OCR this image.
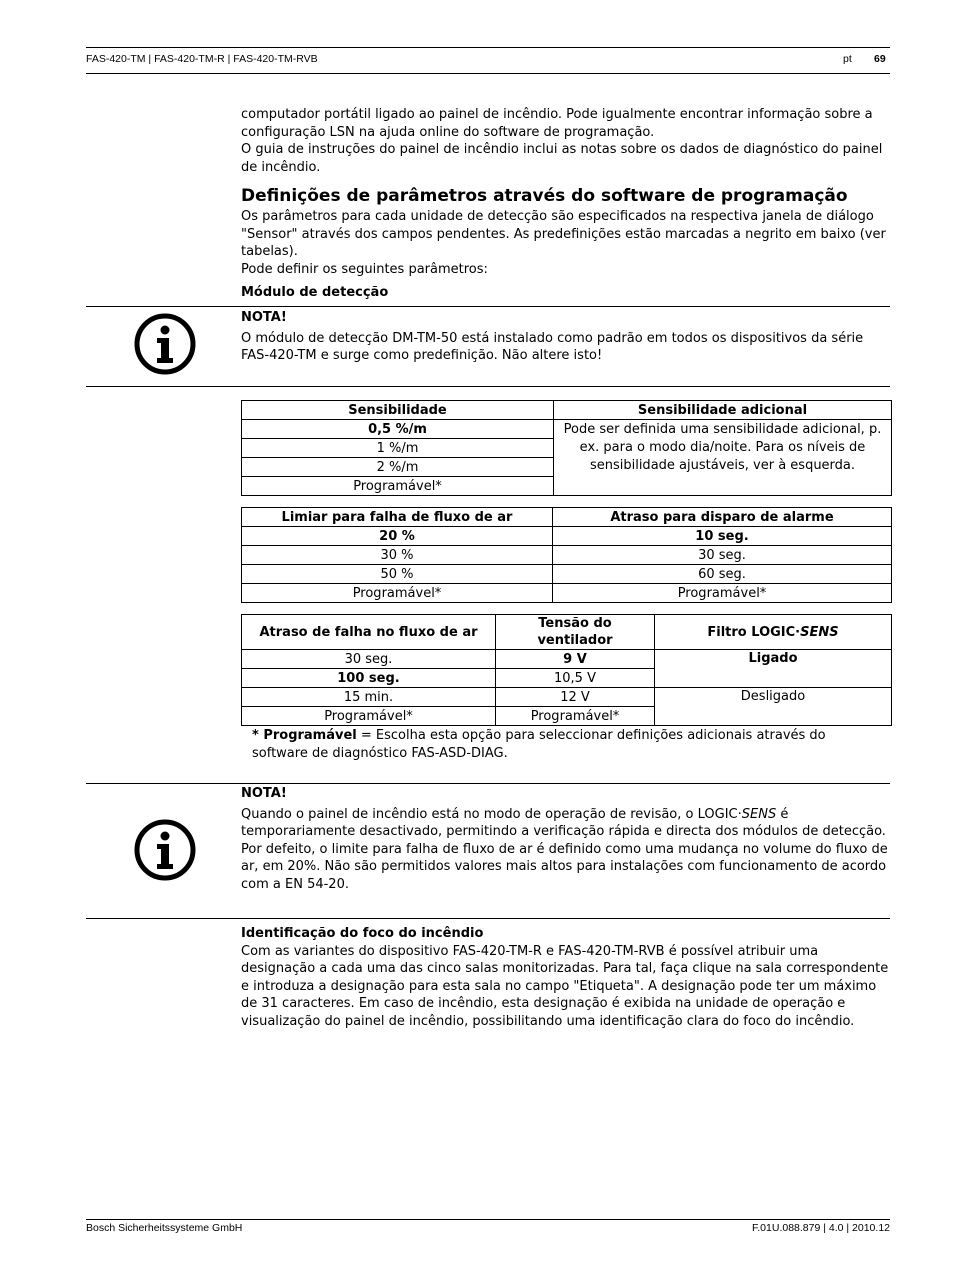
FAS-420-TM | FAS-420-TM-R | FAS-420-TM-RVB	pt 69

computador portátil ligado ao painel de incêndio. Pode igualmente encontrar informação sobre a configuração LSN na ajuda online do software de programação.

O guia de instruções do painel de incêndio inclui as notas sobre os dados de diagnóstico do painel de incêndio.

Definições de parâmetros através do software de programação

Os parâmetros para cada unidade de detecção são especificados na respectiva janela de diálogo "Sensor" através dos campos pendentes. As predefinições estão marcadas a negrito em baixo (ver tabelas).

Pode definir os seguintes parâmetros:

Módulo de detecção

NOTA!

O módulo de detecção DM-TM-50 está instalado como padrão em todos os dispositivos da série FAS-420-TM e surge como predefinição. Não altere isto!

Sensibilidade	Sensibilidade adicional
0,5 %/m	Pode ser definida uma sensibilidade adicional, p. ex. para o modo dia/noite. Para os níveis de sensibilidade ajustáveis, ver à esquerda.
1 %/m	
2 %/m	
Programável*	
Limiar para falha de fluxo de ar	Atraso para disparo de alarme
20 %	10 seg.
30 %	30 seg.
50 %	60 seg.
Programável*	Programável*
Atraso de falha no fluxo de ar	Tensão do ventilador	Filtro LOGIC·SENS
30 seg.	9 V	Ligado
100 seg.	10,5 V	
15 min.	12 V	Desligado
Programável*	Programável*	
* Programável = Escolha esta opção para seleccionar definições adicionais através do software de diagnóstico FAS-ASD-DIAG.

NOTA!

Quando o painel de incêndio está no modo de operação de revisão, o LOGIC·SENS é temporariamente desactivado, permitindo a verificação rápida e directa dos módulos de detecção.

Por defeito, o limite para falha de fluxo de ar é definido como uma mudança no volume do fluxo de ar, em 20%. Não são permitidos valores mais altos para instalações com funcionamento de acordo com a EN 54-20.

Identificação do foco do incêndio

Com as variantes do dispositivo FAS-420-TM-R e FAS-420-TM-RVB é possível atribuir uma designação a cada uma das cinco salas monitorizadas. Para tal, faça clique na sala correspondente e introduza a designação para esta sala no campo "Etiqueta". A designação pode ter um máximo de 31 caracteres. Em caso de incêndio, esta designação é exibida na unidade de operação e visualização do painel de incêndio, possibilitando uma identificação clara do foco do incêndio.

Bosch Sicherheitssysteme GmbH	F.01U.088.879 | 4.0 | 2010.12
